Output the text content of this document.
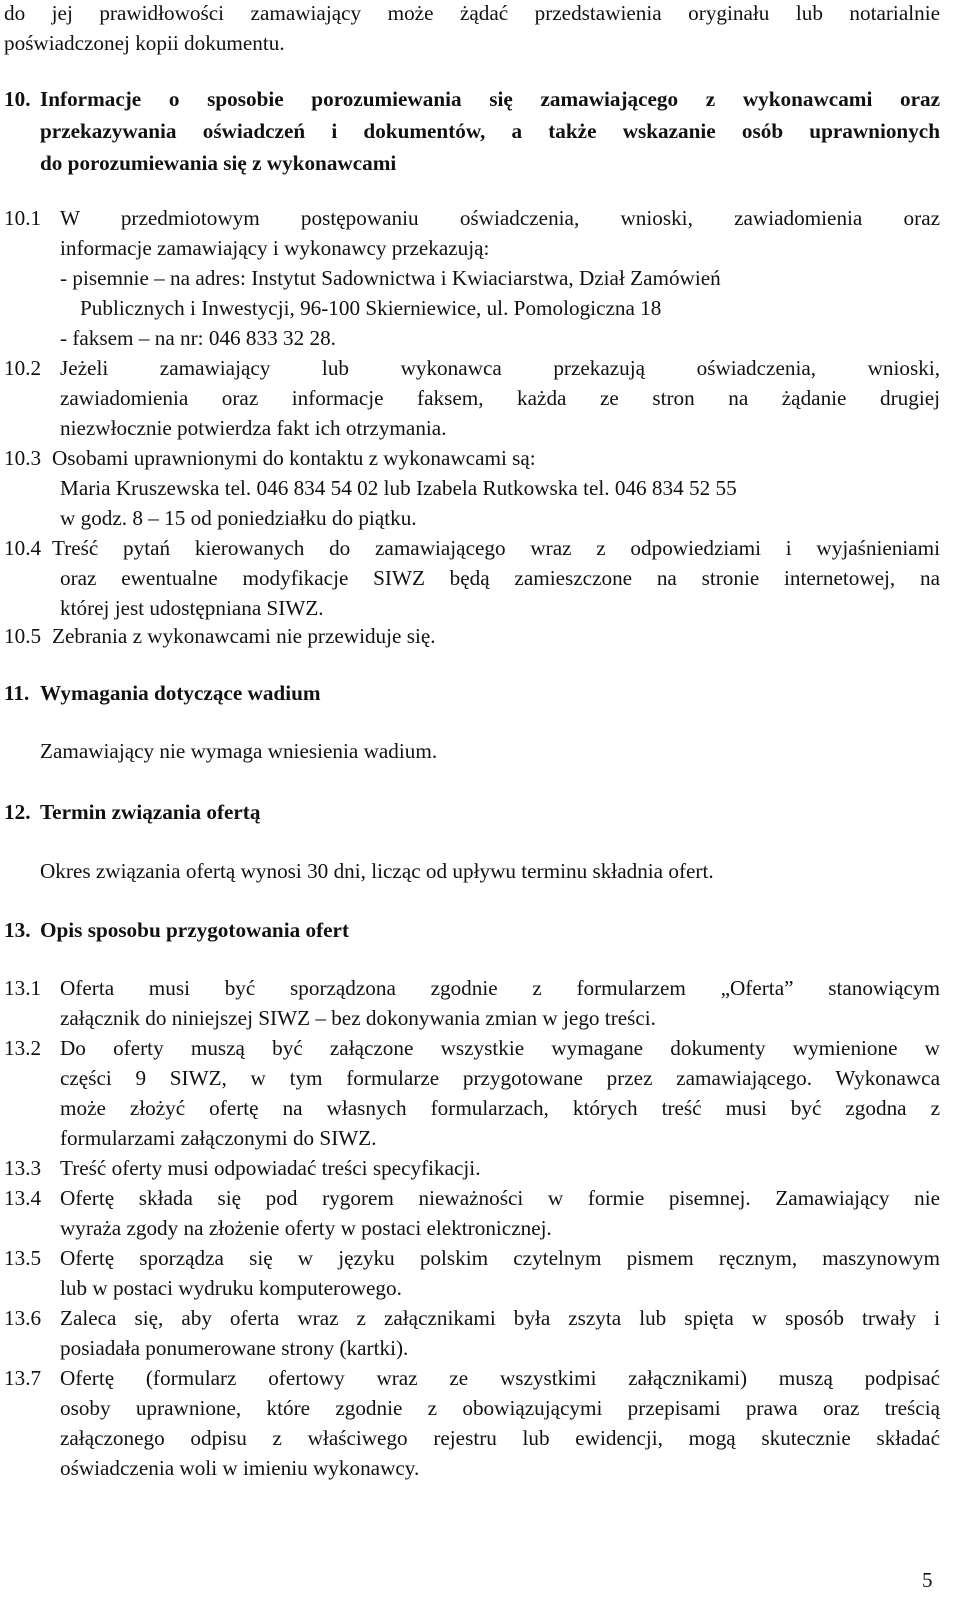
do jej prawidłowości zamawiający może żądać przedstawienia oryginału lub notarialnie
poświadczonej kopii dokumentu.
10. Informacje o sposobie porozumiewania się zamawiającego z wykonawcami oraz
przekazywania oświadczeń i dokumentów, a także wskazanie osób uprawnionych
do porozumiewania się z wykonawcami
10.1 W przedmiotowym postępowaniu oświadczenia, wnioski, zawiadomienia oraz
informacje zamawiający i wykonawcy przekazują:
- pisemnie – na adres: Instytut Sadownictwa i Kwiaciarstwa, Dział Zamówień
Publicznych i Inwestycji, 96-100 Skierniewice, ul. Pomologiczna 18
- faksem – na nr: 046 833 32 28.
10.2 Jeżeli zamawiający lub wykonawca przekazują oświadczenia, wnioski,
zawiadomienia oraz informacje faksem, każda ze stron na żądanie drugiej
niezwłocznie potwierdza fakt ich otrzymania.
10.3 Osobami uprawnionymi do kontaktu z wykonawcami są:
Maria Kruszewska tel. 046 834 54 02 lub Izabela Rutkowska tel. 046 834 52 55
w godz. 8 – 15 od poniedziałku do piątku.
10.4 Treść pytań kierowanych do zamawiającego wraz z odpowiedziami i wyjaśnieniami
oraz ewentualne modyfikacje SIWZ będą zamieszczone na stronie internetowej, na
której jest udostępniana SIWZ.
10.5 Zebrania z wykonawcami nie przewiduje się.
11. Wymagania dotyczące wadium
Zamawiający nie wymaga wniesienia wadium.
12. Termin związania ofertą
Okres związania ofertą wynosi 30 dni, licząc od upływu terminu składnia ofert.
13. Opis sposobu przygotowania ofert
13.1 Oferta musi być sporządzona zgodnie z formularzem „Oferta” stanowiącym
załącznik do niniejszej SIWZ – bez dokonywania zmian w jego treści.
13.2 Do oferty muszą być załączone wszystkie wymagane dokumenty wymienione w
części 9 SIWZ, w tym formularze przygotowane przez zamawiającego. Wykonawca
może złożyć ofertę na własnych formularzach, których treść musi być zgodna z
formularzami załączonymi do SIWZ.
13.3 Treść oferty musi odpowiadać treści specyfikacji.
13.4 Ofertę składa się pod rygorem nieważności w formie pisemnej. Zamawiający nie
wyraża zgody na złożenie oferty w postaci elektronicznej.
13.5 Ofertę sporządza się w języku polskim czytelnym pismem ręcznym, maszynowym
lub w postaci wydruku komputerowego.
13.6 Zaleca się, aby oferta wraz z załącznikami była zszyta lub spięta w sposób trwały i
posiadała ponumerowane strony (kartki).
13.7 Ofertę (formularz ofertowy wraz ze wszystkimi załącznikami) muszą podpisać
osoby uprawnione, które zgodnie z obowiązującymi przepisami prawa oraz treścią
załączonego odpisu z właściwego rejestru lub ewidencji, mogą skutecznie składać
oświadczenia woli w imieniu wykonawcy.
5
